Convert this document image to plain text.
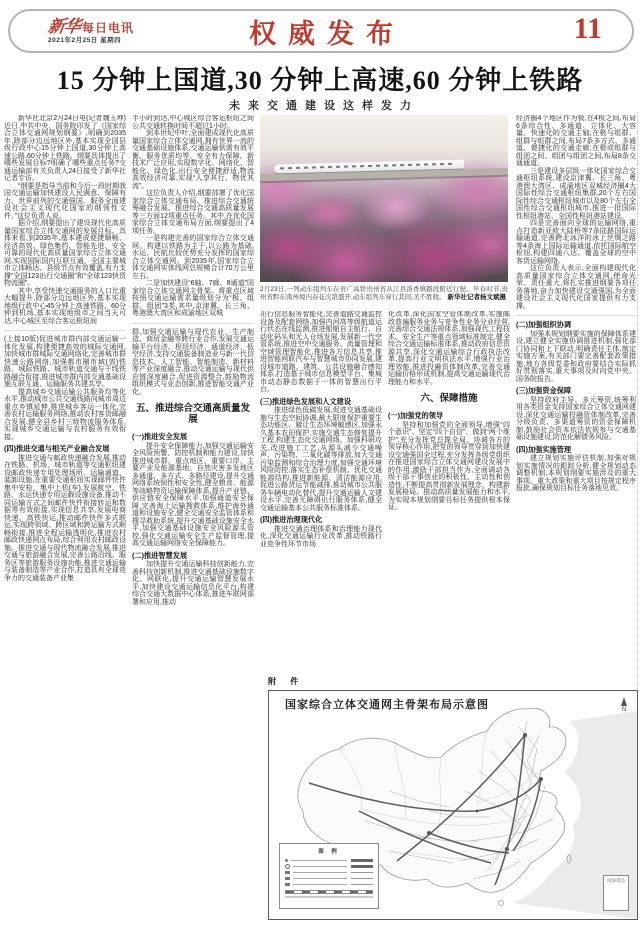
新华 每日电讯
2021年2月25日 星期四	权威发布	11
15 分钟上国道,30 分钟上高速,60 分钟上铁路
未来交通建设这样发力
新华社北京2月24日电(记者魏玉坤)近日,中共中央、国务院印发了《国家综合立体交通网规划纲要》,明确到2035年,除部分边远地区外,基本实现全国县级行政中心15分钟上国道,30分钟上高速公路,60分钟上铁路。纲要具体提出了哪些发展目标?明确了哪些重点任务?交通运输部有关负责人24日接受了新华社记者专访。
“纲要是指导当前和今后一段时期我国交通运输加快建设人民满意、保障有力、世界前列的交通强国、服务全面建设社会主义现代化国家的纲领性文件。”这位负责人说。
据介绍,纲要提出了建设现代化高质量国家综合立体交通网的发展目标。具体来看,到2035年,基本建成便捷顺畅、经济高效、绿色集约、智能先进、安全可靠的现代化高质量国家综合立体交通网,实现国际国内互联互通、全国主要城市立体畅达、县级节点有效覆盖,有力支撑“全国123出行交通圈”和“全球123快货物流圈”。
其中,享受快速交通服务的人口比重大幅提升,除部分边远地区外,基本实现地级行政中心45分钟上高速铁路、60分钟到机场,基本实现地级市之间当天可达,中心城区至综合客运枢纽间
(上接10版)促进城市群内部交通运输一体化发展,构建便捷高效的城际交通网,加快城市群城际交通网络化,完善城市群快速公路网络,加强都市圈市域(郊)铁路、城际铁路、城市轨道交通与干线铁路融合衔接,推进城市群内部交通基础设施互联互通、运输服务共建共享。
提高城乡交通运输公共服务均等化水平,推动城市公共交通线路向城市周边重点乡镇延伸,推进城乡客运一体化,完善农村运输服务网络,推动农村客货邮融合发展,健全县乡村三级物流服务体系,实现城乡交通运输与农村服务有效衔接。
(四)推进交通与相关产业融合发展
推进交通与邮政快递融合发展,推动在铁路、机场、城市轨道等交通枢纽建设邮政快递专用处理场所、运输通道、装卸设施,在重要交通枢纽实现邮件快件集中安检、集中上机(车),发展航空、铁路、水运快递专用运载设施设备,推动不同运输方式之间邮件快件衔接转运和数据等有效衔接,实现信息共享,发展电商快递、高铁快运,推动邮件快件多式联运,实现跨领域、跨区域和跨运输方式顺畅衔接,推进全程运输透明化,推进农村邮政快递网点布局,综合利用农村邮政设施。推进交通与现代物流融合发展,推进交通与旅游融合发展,完善公路沿线、服务区等旅游服务设施功能,推进交通运输与装备制造等产业合作,打造具有全球竞争力的交通装备产业集
半小时到达,中心城区综合客运枢纽之间公共交通转换时间不超过1小时。
到本世纪中叶,全面建成现代化高质量国家综合立体交通网,拥有世界一流的交通基础设施体系,交通运输供需有效平衡、服务优质均等、安全有力保障。新技术广泛应用,实现数字化、网络化、智能化、绿色化,出行安全便捷舒适,物流高效经济可靠,实现“人享其行、物优其流”。
这位负责人介绍,纲要部署了优化国家综合立体交通布局、推进综合交通统筹融合发展、推进综合交通高质量发展等三方面12项重点任务。其中,在优化国家综合立体交通布局方面,纲要提出了4项任务。
一是构建完善的国家综合立体交通网。构建以铁路为主干,以公路为基础,水运、民航比较优势充分发挥的国家综合立体交通网。到2035年,国家综合立体交通网实体线网总规模合计70万公里左右。
二是加快建设“6轴、7廊、8通道”国家综合立体交通网主骨架。将重点区域按照交通运输需求量级划分为“极、组群、组团”3类,其中,京津冀、长三角、粤港澳大湾区和成渝地区双城
群,加强交通运输与现代农业、生产制造、商贸金融等跨行业合作,发展交通运输平台经济、枢纽经济、通道经济、低空经济,支持交通装备制造业与新一代信息技术、人工智能、智能制造、新材料等产业深度融合,推动交通运输与现代供应链深度融合,促进资源整合,鼓励物流组织模式与业态创新,推进智能交通产业化。
五、推进综合交通高质量发展
(一)推进安全发展
提升安全保障能力,加强交通运输安全风险预警、防控机制和能力建设,加快推进城市群、重点地区、重要口岸、主要产业及能源基地、自然灾害多发地区多通道、多方式、多路径建设,提升交通网络系统韧性和安全性,健全粮食、能源等战略物资运输保障体系,提升产业链、供应链安全保障水平,加强通道安全保障,完善海上运输搜救体系,维护海外通道和设施安全,健全交通安全监管体系和搜寻救助系统,提升交通基础设施安全水平,加强交通基础设施安全风险源头管控,强化交通运输安全生产监督管理,提高交通运输网络安全保障能力。
(二)推进智慧发展
加快提升交通运输科技创新能力,完善科技创新机制,推进交通基础设施数字化、网联化,提升交通运输智慧发展水平,加快建设交通运输信息化平台,构建综合交通大数据中心体系,推进车联网部署和应用,推动
出行信息服务智能化,完善道路交通监控设备及配套网络,加强内河高等级航道运行状态在线监测,推进船舶自主航行、自动化码头和无人仓场发展,发展新一代空管系统,推进空中交通服务、流量管理和空域管理智能化,推进各方信息共享,推进智能网联汽车与智慧城市协同发展,建设城市道路、建筑、公共设施融合感知体系,打造基于城市信息模型平台、集城市动态静态数据于一体的智慧出行平台。
(三)推进绿色发展和人文建设
推进绿色低碳发展,促进交通基础设施与生态空间协调,最大限度保护重要生态功能区、避让生态环境敏感区,加强永久基本农田保护,实施交通生态修复提升工程,构建生态化交通网络。加强科研攻关,改进施工工艺,从源头减少交通噪声、污染物、二氧化碳等排放,加大交通污染监测和综合治理力度,加强交通环境风险防控,落实生态补偿机制。优化交通能源结构,推进新能源、清洁能源应用,促进公路货运节能减排,推动城市公共服务车辆电动化替代,提升交通运输人文建设水平,完善无障碍出行服务体系,健全交通运输基本公共服务标准体系。
(四)推进治理现代化
推进交通治理体系和治理能力现代化,深化交通运输行业改革,推动铁路行业竞争性环节市场
化改革,深化国家空管体制改革,实施邮政普遍服务业务与竞争性业务分业经营,完善综合交通法规体系,加强现代工程技术、安全生产等重点领域标准制定,健全综合交通运输标准体系,推动政府信息资源共享,深化交通运输综合行政执法改革,提高行业文明执法水平,增强行业治理效能,推进投融资体制改革,完善交通运输价格形成机制,提高交通运输现代治理能力和水平。
六、保障措施
(一)加强党的领导
坚持和加强党的全面领导,增强“四个意识”、坚定“四个自信”、做到“两个维护”,充分发挥党总揽全局、协调各方的领导核心作用,把党的领导贯穿到加快建设交通强国全过程,充分发挥各级党组织在推进国家综合立体交通网建设发展中的作用,激励干部担当作为,全面调动各级干部干事创业的积极性、主动性和创造性,不断提高贯彻新发展理念、构建新发展格局、推动高质量发展能力和水平,为实现本规划纲要目标任务提供根本保证。
经济圈4个地区作为极,在4极之间,布局6条综合性、多通道、立体化、大容量、快速化的交通主轴;在极与组群、组群与组群之间,布局7条多方式、多通道、便捷化的交通走廊;在极或组群与组团之间、组团与组团之间,布局8条交通通道。
三是建设多层级一体化国家综合交通枢纽系统,建设京津冀、长三角、粤港澳大湾区、成渝地区双城经济圈4大国际性综合交通枢纽集群,20个左右国际性综合交通枢纽城市以及80个左右全国性综合交通枢纽城市,推进一批国际性枢纽港站、全国性枢纽港站建设。
四是完善面向全球的运输网络,重点打造新亚欧大陆桥等7条陆路国际运输通道,完善跨北冰洋的冰上丝绸之路等4条海上国际运输通道,依托国际航空枢纽,构建四通八达、覆盖全球的空中客货运输网络。
这位负责人表示,全面构建现代化高质量国家综合立体交通网,使命光荣、责任重大,将扎实推进纲要各项任务落地,奋力加快建设交通强国,为全面建设社会主义现代化国家提供有力支撑。
(二)加强组织协调
加强本规划纲要实施的保障体系建设,建立健全实施协调推进机制,强化部门协同和上下联动,明确责任主体,制定实施方案,有关部门要完善配套政策措施,地方各级党委和政府要结合实际抓好贯彻落实,重大事项及时向党中央、国务院报告。
(三)加强资金保障
坚持政府主导、多元筹资,统筹利用各类资金支持国家综合立体交通网建设,深化交通运输投融资体制改革,完善分级负责、多渠道筹资的资金保障机制,鼓励社会资本依法依规参与交通基础设施建设,防范化解债务风险。
(四)加强实施管理
建立规划实施评估机制,加强对规划实施情况的跟踪分析,健全规划动态调整机制,本规划纲要实施涉及的重大事项、重大政策和重大项目按规定程序报批,确保规划目标任务落地见效。
2月23日,一列动车组列车在贵广高铁贵州省从江县洛香镇路段附近行驶。早春时节,贵州省黔东南州境内春花次第盛开,动车组列车穿行其间,美不胜收。 新华社记者杨文斌摄
附 件
国家综合立体交通网主骨架布局示意图	N
图 例
南海诸岛
